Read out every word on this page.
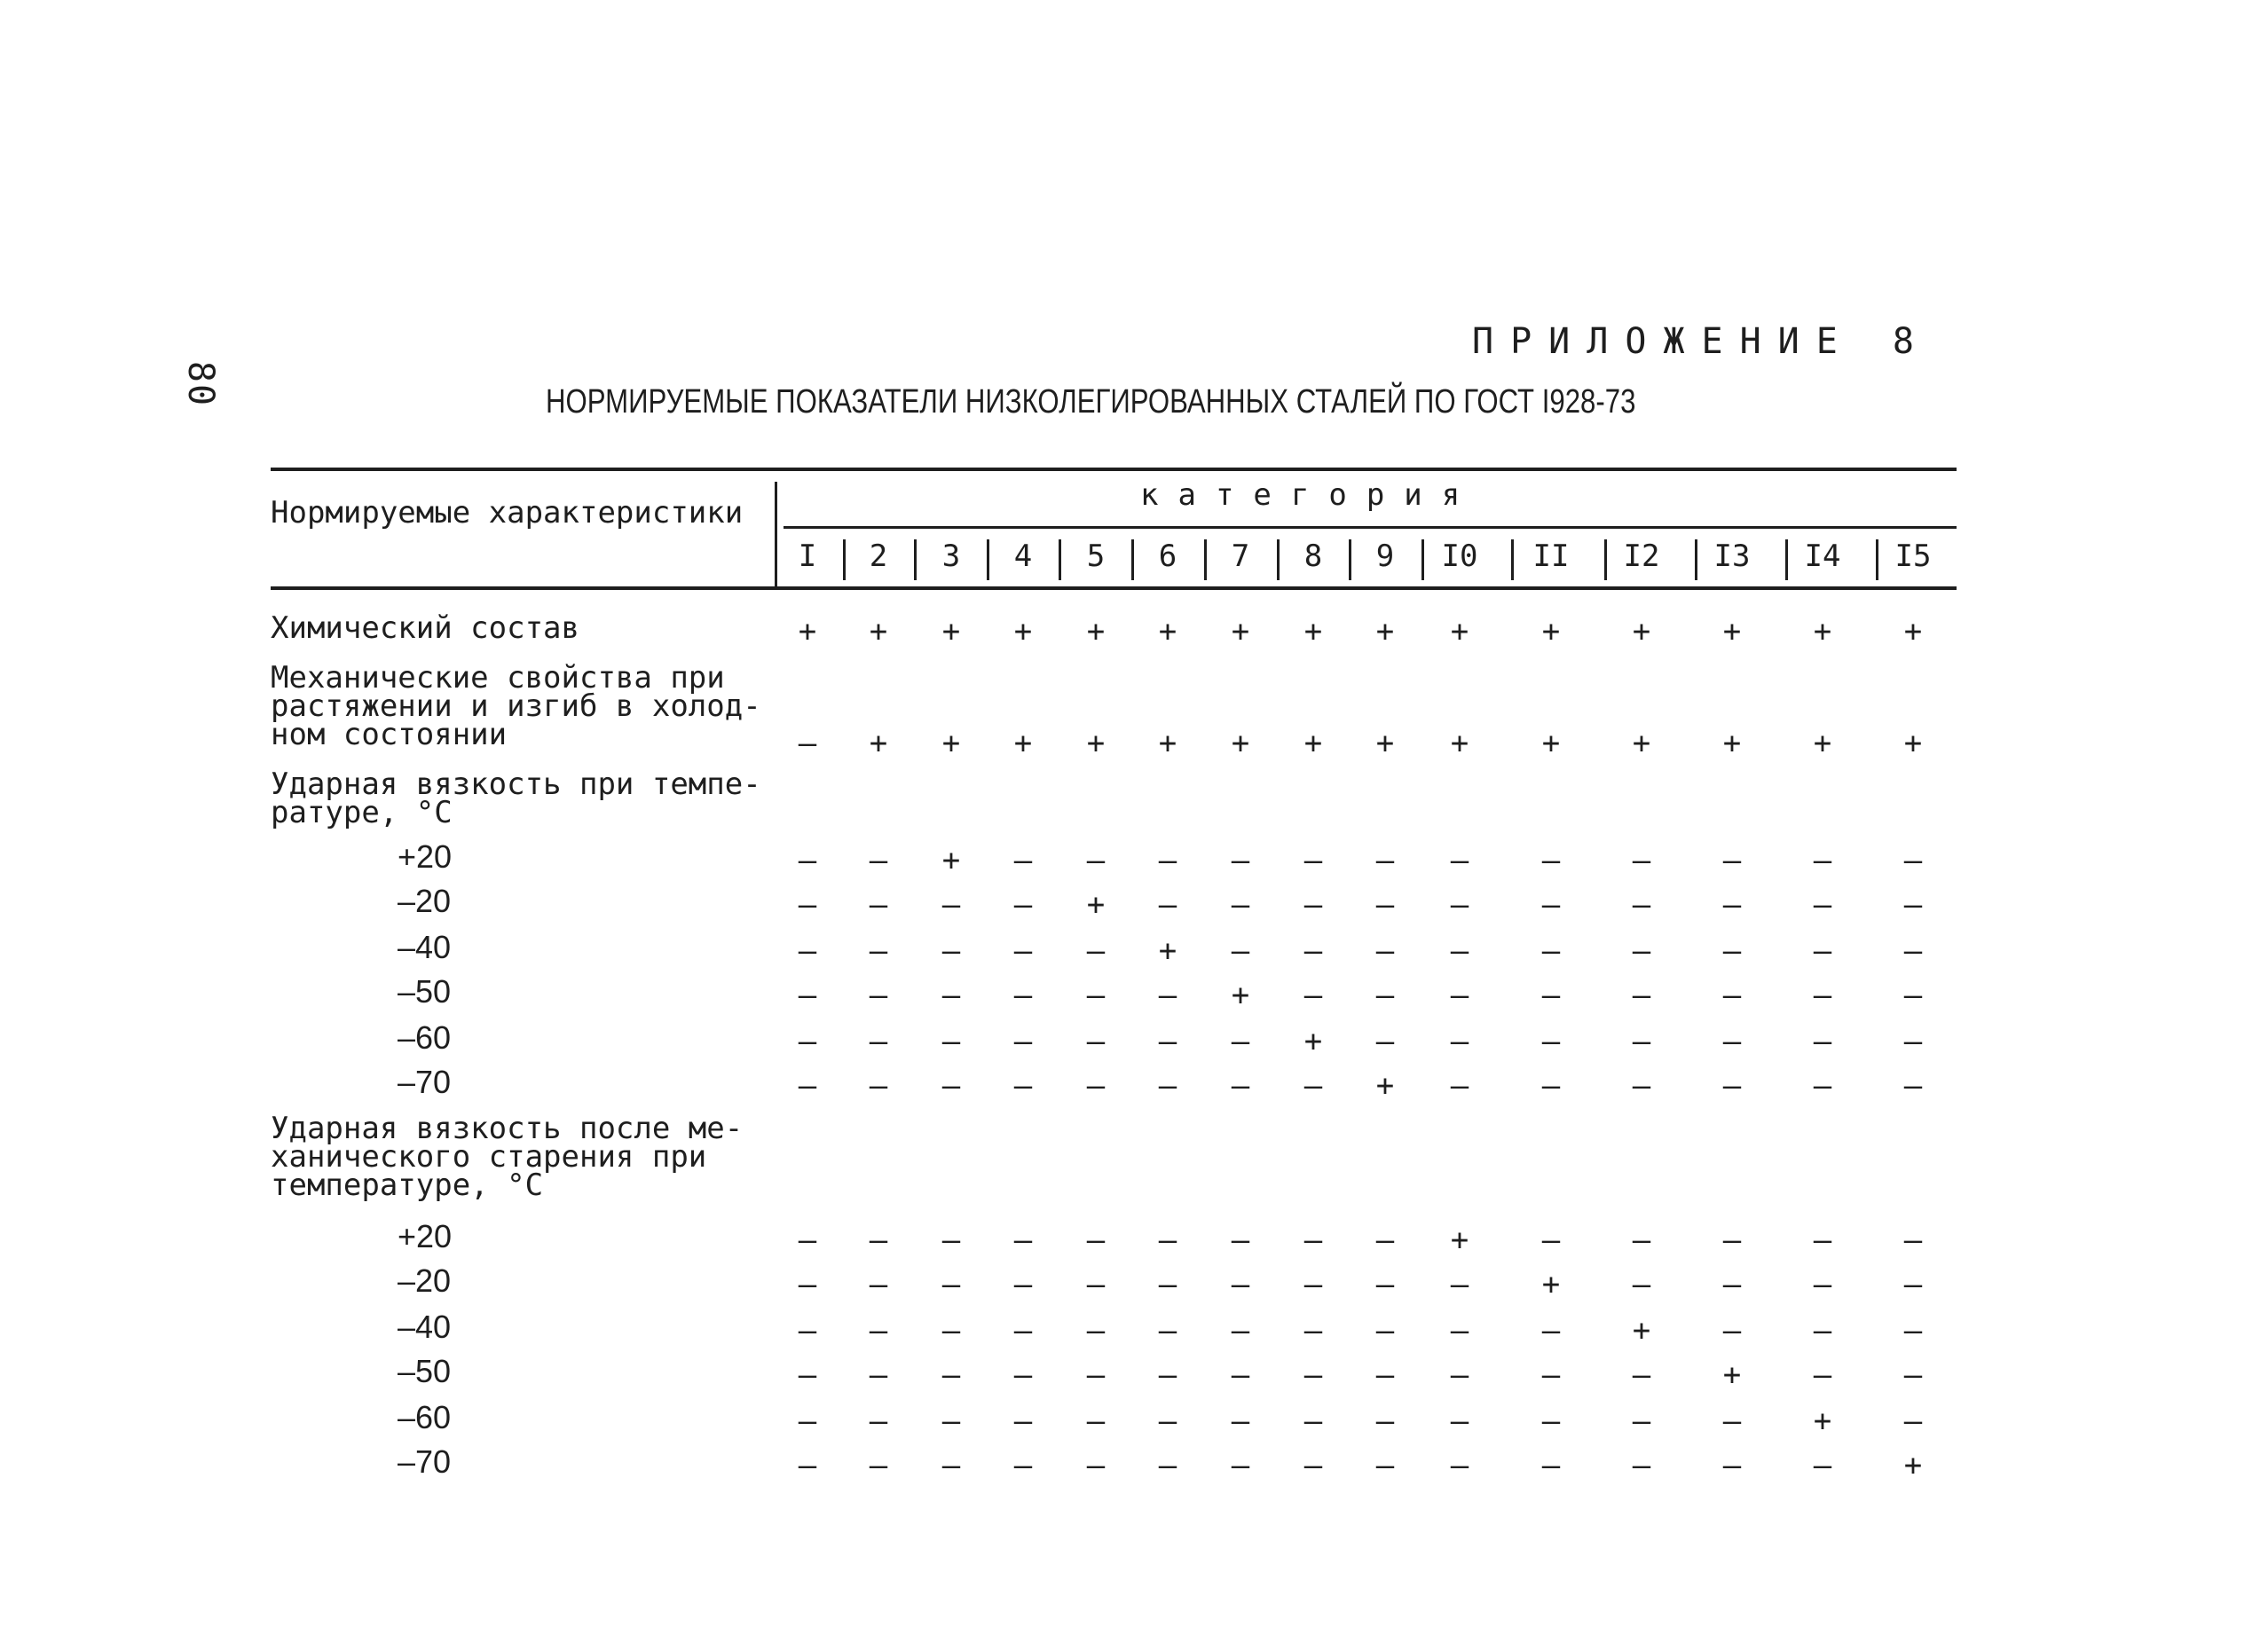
80
ПРИЛОЖЕНИЕ 8
НОРМИРУЕМЫЕ ПОКАЗАТЕЛИ НИЗКОЛЕГИРОВАННЫХ СТАЛЕЙ ПО ГОСТ I928-73
Нормируемые характеристики	категория
I 2 3 4 5 6 7 8 9 I0 II I2 I3 I4 I5
Химический состав	+ + + + + + + + + + + + + + +
Механические свойства при
растяжении и изгиб в холод-
ном состоянии	– + + + + + + + + + + + + + +
Ударная вязкость при темпе-
ратуре, °С
+20	– – + – – – – – – – – – – – –
–20	– – – – + – – – – – – – – – –
–40	– – – – – + – – – – – – – – –
–50	– – – – – – + – – – – – – – –
–60	– – – – – – – + – – – – – – –
–70	– – – – – – – – + – – – – – –
Ударная вязкость после ме-
ханического старения при
температуре, °С
+20	– – – – – – – – – + – – – – –
–20	– – – – – – – – – – + – – – –
–40	– – – – – – – – – – – + – – –
–50	– – – – – – – – – – – – + – –
–60	– – – – – – – – – – – – – + –
–70	– – – – – – – – – – – – – – +
